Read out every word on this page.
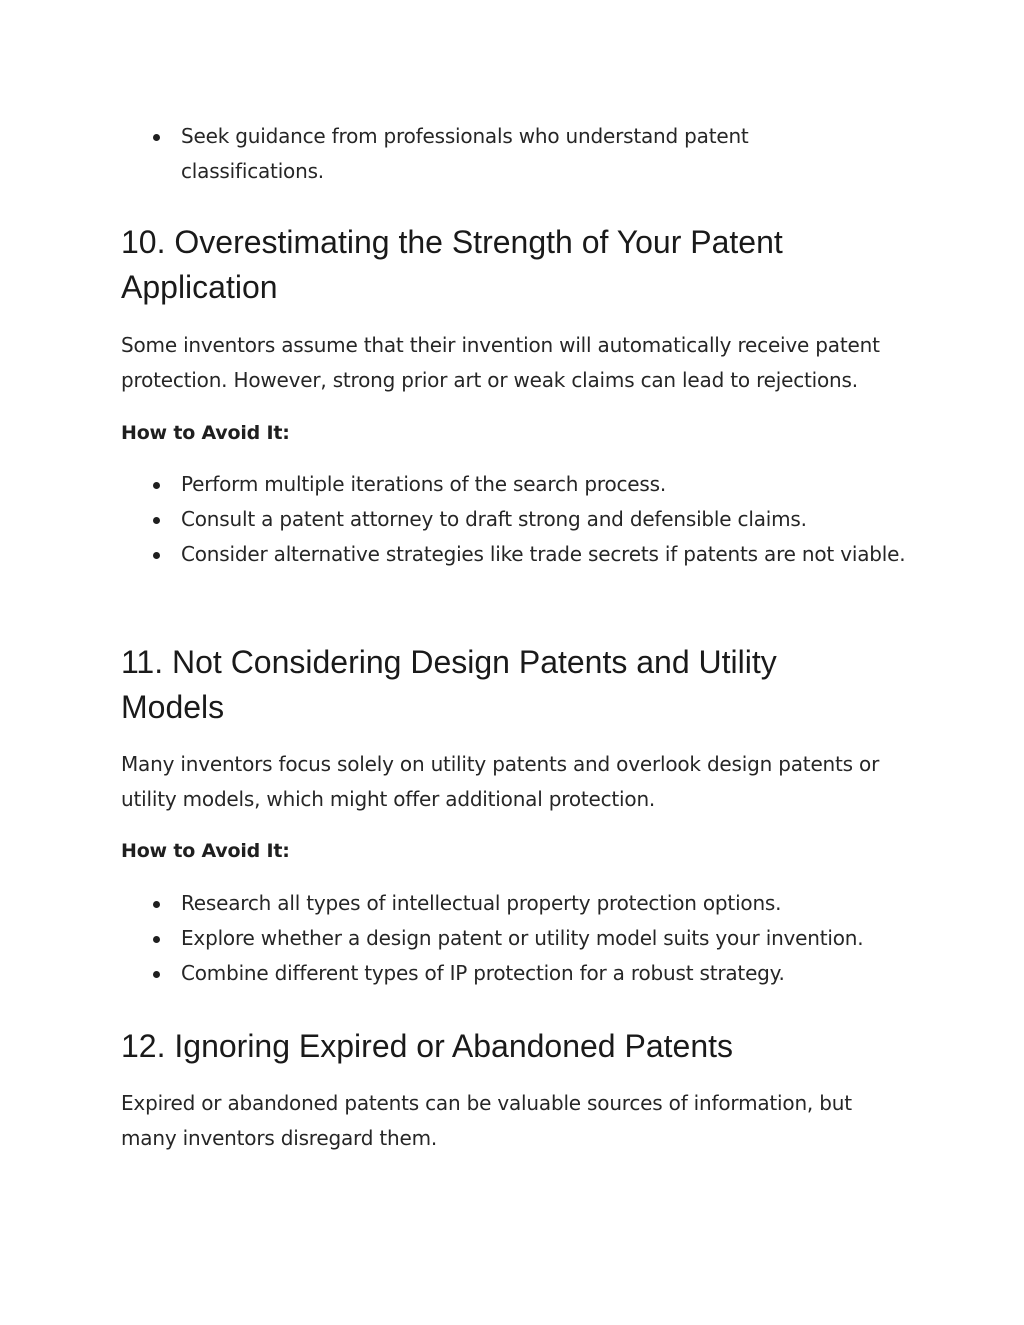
Seek guidance from professionals who understand patent classifications.
10. Overestimating the Strength of Your Patent Application

Some inventors assume that their invention will automatically receive patent protection. However, strong prior art or weak claims can lead to rejections.

How to Avoid It:

Perform multiple iterations of the search process.
Consult a patent attorney to draft strong and defensible claims.
Consider alternative strategies like trade secrets if patents are not viable.
11. Not Considering Design Patents and Utility Models

Many inventors focus solely on utility patents and overlook design patents or utility models, which might offer additional protection.

How to Avoid It:

Research all types of intellectual property protection options.
Explore whether a design patent or utility model suits your invention.
Combine different types of IP protection for a robust strategy.
12. Ignoring Expired or Abandoned Patents

Expired or abandoned patents can be valuable sources of information, but many inventors disregard them.
